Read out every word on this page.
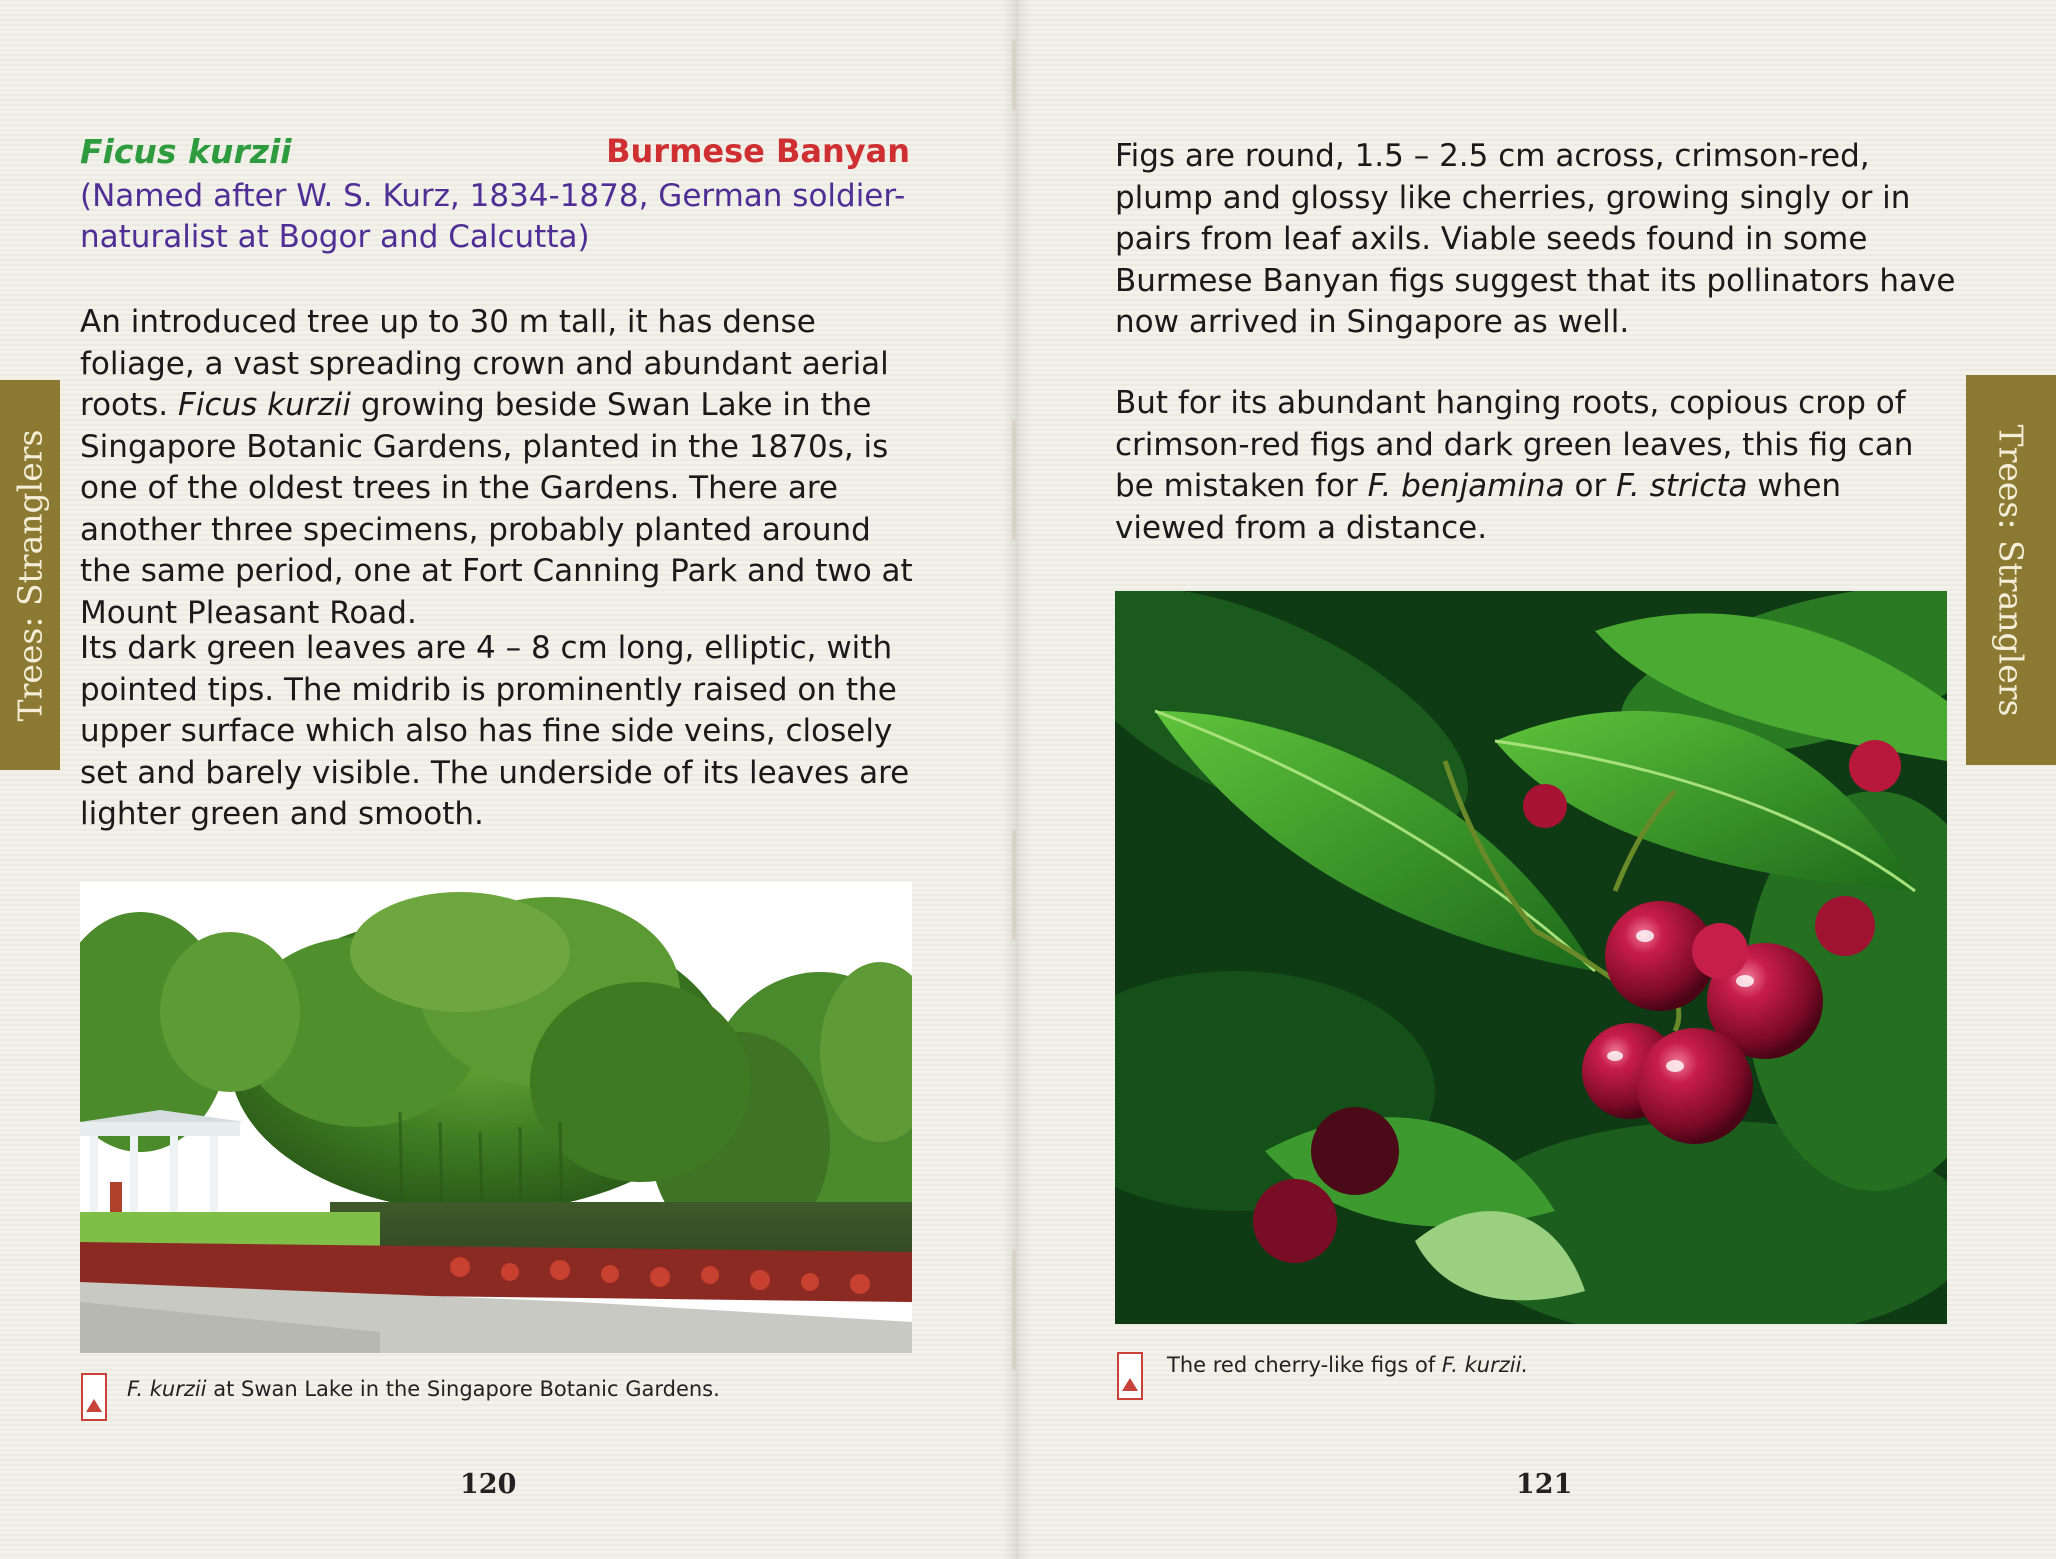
Trees: Stranglers	Trees: Stranglers
Ficus kurzii	Burmese Banyan
(Named after W. S. Kurz, 1834-1878, German soldier-naturalist at Bogor and Calcutta)

An introduced tree up to 30 m tall, it has dense foliage, a vast spreading crown and abundant aerial roots. Ficus kurzii growing beside Swan Lake in the Singapore Botanic Gardens, planted in the 1870s, is one of the oldest trees in the Gardens. There are another three specimens, probably planted around the same period, one at Fort Canning Park and two at Mount Pleasant Road.

Its dark green leaves are 4 – 8 cm long, elliptic, with pointed tips. The midrib is prominently raised on the upper surface which also has fine side veins, closely set and barely visible. The underside of its leaves are lighter green and smooth.

F. kurzii at Swan Lake in the Singapore Botanic Gardens.
120

Figs are round, 1.5 – 2.5 cm across, crimson-red, plump and glossy like cherries, growing singly or in pairs from leaf axils. Viable seeds found in some Burmese Banyan figs suggest that its pollinators have now arrived in Singapore as well.

But for its abundant hanging roots, copious crop of crimson-red figs and dark green leaves, this fig can be mistaken for F. benjamina or F. stricta when viewed from a distance.

The red cherry-like figs of F. kurzii.
121
